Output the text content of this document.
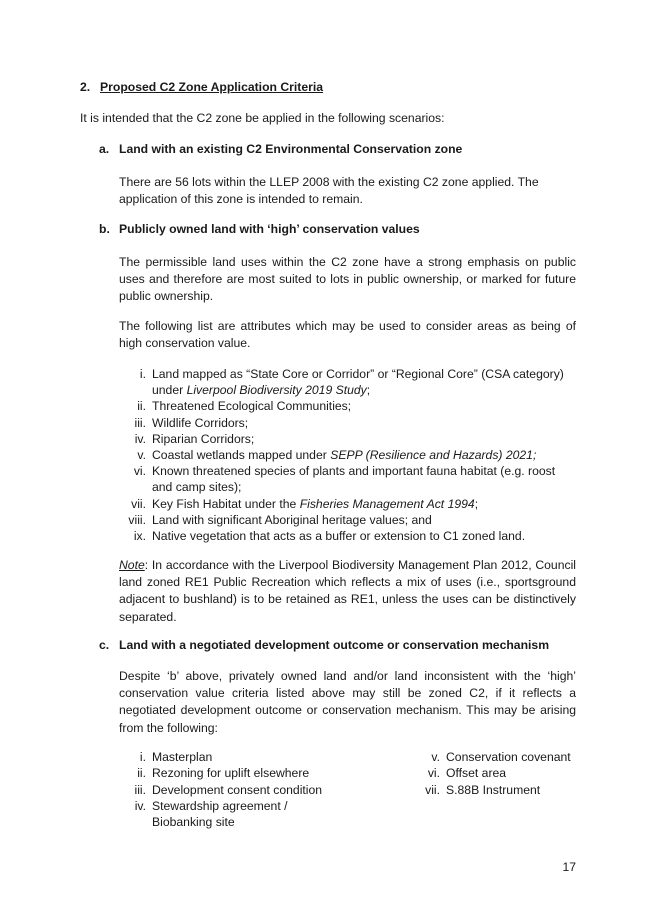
2. Proposed C2 Zone Application Criteria
It is intended that the C2 zone be applied in the following scenarios:
a. Land with an existing C2 Environmental Conservation zone
There are 56 lots within the LLEP 2008 with the existing C2 zone applied. The application of this zone is intended to remain.
b. Publicly owned land with ‘high’ conservation values
The permissible land uses within the C2 zone have a strong emphasis on public uses and therefore are most suited to lots in public ownership, or marked for future public ownership.
The following list are attributes which may be used to consider areas as being of high conservation value.
i. Land mapped as “State Core or Corridor” or “Regional Core” (CSA category) under Liverpool Biodiversity 2019 Study;
ii. Threatened Ecological Communities;
iii. Wildlife Corridors;
iv. Riparian Corridors;
v. Coastal wetlands mapped under SEPP (Resilience and Hazards) 2021;
vi. Known threatened species of plants and important fauna habitat (e.g. roost and camp sites);
vii. Key Fish Habitat under the Fisheries Management Act 1994;
viii. Land with significant Aboriginal heritage values; and
ix. Native vegetation that acts as a buffer or extension to C1 zoned land.
Note: In accordance with the Liverpool Biodiversity Management Plan 2012, Council land zoned RE1 Public Recreation which reflects a mix of uses (i.e., sportsground adjacent to bushland) is to be retained as RE1, unless the uses can be distinctively separated.
c. Land with a negotiated development outcome or conservation mechanism
Despite ‘b’ above, privately owned land and/or land inconsistent with the ‘high’ conservation value criteria listed above may still be zoned C2, if it reflects a negotiated development outcome or conservation mechanism. This may be arising from the following:
i. Masterplan
ii. Rezoning for uplift elsewhere
iii. Development consent condition
iv. Stewardship agreement / Biobanking site
v. Conservation covenant
vi. Offset area
vii. S.88B Instrument
17
